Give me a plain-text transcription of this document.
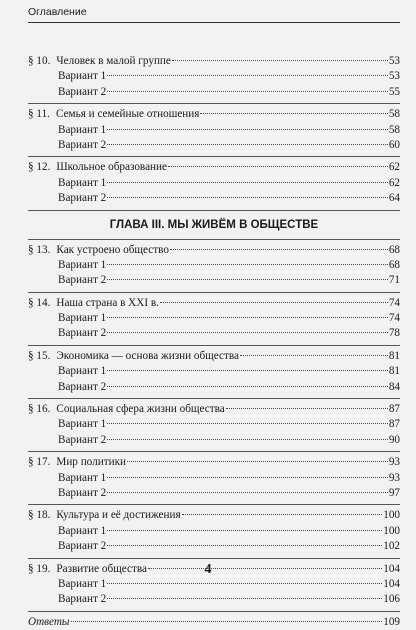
Оглавление
§ 10. Человек в малой группе	53
Вариант 1	53
Вариант 2	55
§ 11. Семья и семейные отношения	58
Вариант 1	58
Вариант 2	60
§ 12. Школьное образование	62
Вариант 1	62
Вариант 2	64
ГЛАВА III. МЫ ЖИВЁМ В ОБЩЕСТВЕ
§ 13. Как устроено общество	68
Вариант 1	68
Вариант 2	71
§ 14. Наша страна в XXI в.	74
Вариант 1	74
Вариант 2	78
§ 15. Экономика — основа жизни общества	81
Вариант 1	81
Вариант 2	84
§ 16. Социальная сфера жизни общества	87
Вариант 1	87
Вариант 2	90
§ 17. Мир политики	93
Вариант 1	93
Вариант 2	97
§ 18. Культура и её достижения	100
Вариант 1	100
Вариант 2	102
§ 19. Развитие общества	104
Вариант 1	104
Вариант 2	106
Ответы	109
4
